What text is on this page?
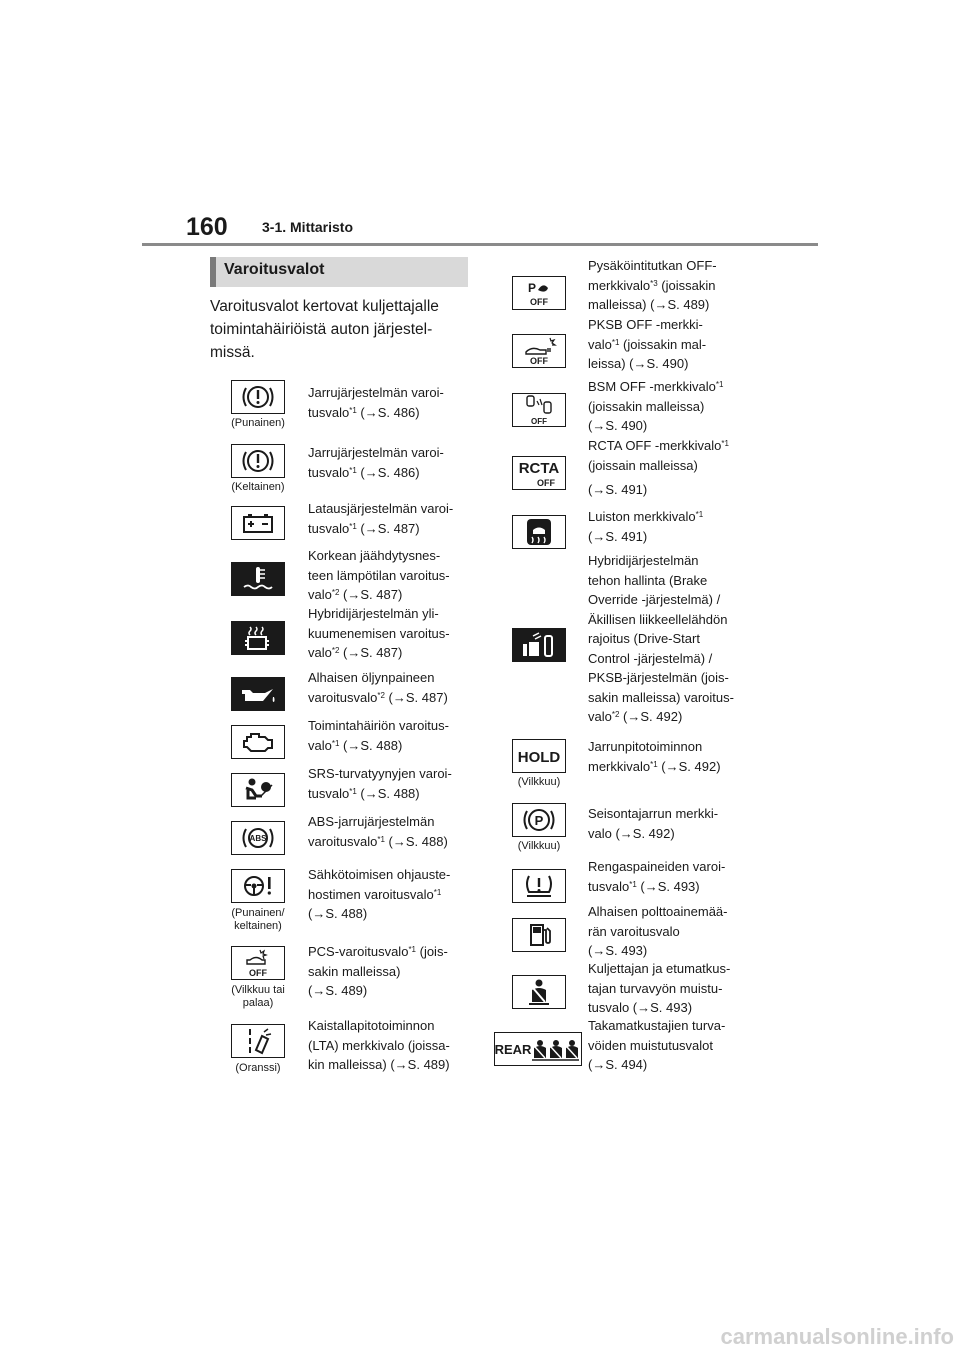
160 3-1. Mittaristo
Varoitusvalot
Varoitusvalot kertovat kuljettajalle toimintahäiriöistä auton järjestel-
missä.
(Punainen)
Jarrujärjestelmän varoi-
tusvalo$^{*1}$ (→S. 486)
(Keltainen)
Jarrujärjestelmän varoi-
tusvalo$^{*1}$ (→S. 486)
Latausjärjestelmän varoi-
tusvalo$^{*1}$ (→S. 487)
Korkean jäähdytysnes-
teen lämpötilan varoitus-
valo$^{*2}$ (→S. 487)
Hybridijärjestelmän yli-
kuumenemisen varoitus-
valo$^{*2}$ (→S. 487)
Alhaisen öljynpaineen
varoitusvalo$^{*2}$ (→S. 487)
Toimintahäiriön varoitus-
valo$^{*1}$ (→S. 488)
SRS-turvatyynyjen varoi-
tusvalo$^{*1}$ (→S. 488)
ABS
ABS-jarrujärjestelmän
varoitusvalo$^{*1}$ (→S. 488)
(Punainen/
keltainen)
Sähkötoimisen ohjauste-
hostimen varoitusvalo$^{*1}$
(→S. 488)
OFF
(Vilkkuu tai
palaa)
PCS-varoitusvalo$^{*1}$ (jois-
sakin malleissa)
(→S. 489)
(Oranssi)
Kaistallapitotoiminnon
(LTA) merkkivalo (joissa-
kin malleissa) (→S. 489)
P
OFF
Pysäköintitutkan OFF-
merkkivalo$^{*3}$ (joissakin
malleissa) (→S. 489)
OFF
PKSB OFF -merkki-
valo$^{*1}$ (joissakin mal-
leissa) (→S. 490)
OFF
BSM OFF -merkkivalo$^{*1}$
(joissakin malleissa)
(→S. 490)
RCTA
OFF
RCTA OFF -merkkivalo$^{*1}$
(joissain malleissa)

(→S. 491)
Luiston merkkivalo$^{*1}$
(→S. 491)
Hybridijärjestelmän
tehon hallinta (Brake
Override -järjestelmä) /
Äkillisen liikkeellelähdön
rajoitus (Drive-Start
Control -järjestelmä) /
PKSB-järjestelmän (jois-
sakin malleissa) varoitus-
valo$^{*2}$ (→S. 492)
HOLD
(Vilkkuu)
Jarrunpitotoiminnon
merkkivalo$^{*1}$ (→S. 492)
P
(Vilkkuu)
Seisontajarrun merkki-
valo (→S. 492)
Rengaspaineiden varoi-
tusvalo$^{*1}$ (→S. 493)
Alhaisen polttoainemää-
rän varoitusvalo
(→S. 493)
Kuljettajan ja etumatkus-
tajan turvavyön muistu-
tusvalo (→S. 493)
REAR
Takamatkustajien turva-
vöiden muistutusvalot
(→S. 494)
carmanualsonline.info
